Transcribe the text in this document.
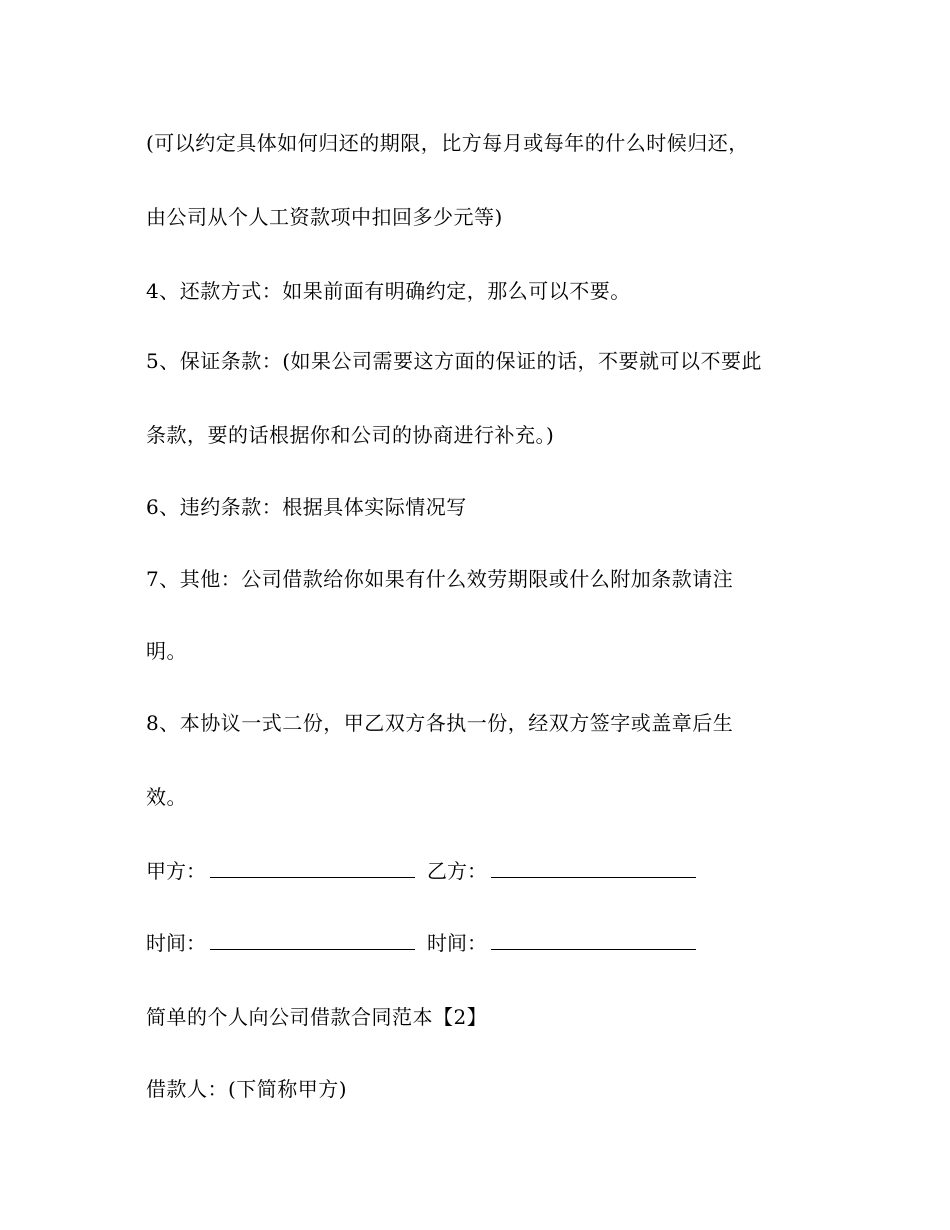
(可以约定具体如何归还的期限，比方每月或每年的什么时候归还，
由公司从个人工资款项中扣回多少元等)
4、还款方式：如果前面有明确约定，那么可以不要。
5、保证条款：(如果公司需要这方面的保证的话，不要就可以不要此
条款，要的话根据你和公司的协商进行补充。)
6、违约条款：根据具体实际情况写
7、其他：公司借款给你如果有什么效劳期限或什么附加条款请注
明。
8、本协议一式二份，甲乙双方各执一份，经双方签字或盖章后生
效。
甲方：	乙方：
时间：	时间：
简单的个人向公司借款合同范本【2】
借款人：(下简称甲方)
